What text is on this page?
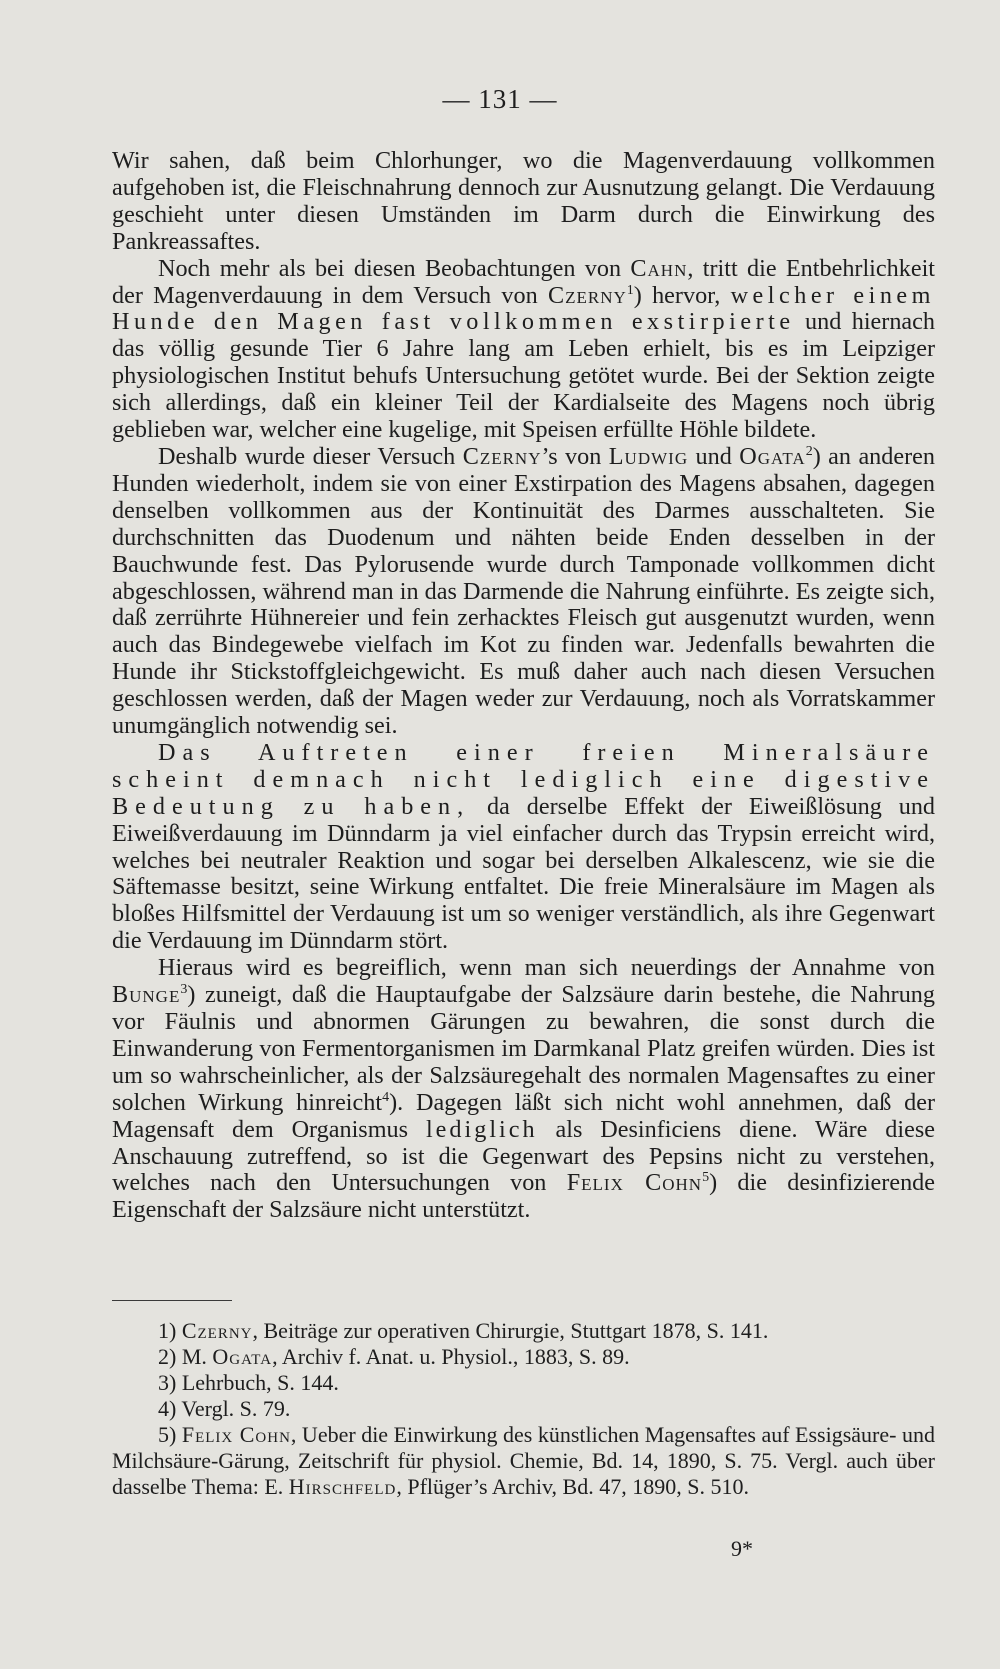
— 131 —

Wir sahen, daß beim Chlorhunger, wo die Magenverdauung vollkommen aufgehoben ist, die Fleischnahrung dennoch zur Ausnutzung gelangt. Die Verdauung geschieht unter diesen Umständen im Darm durch die Einwirkung des Pankreassaftes.

Noch mehr als bei diesen Beobachtungen von Cahn, tritt die Entbehrlichkeit der Magenverdauung in dem Versuch von Czerny$^1$) hervor, welcher einem Hunde den Magen fast vollkommen exstirpierte und hiernach das völlig gesunde Tier 6 Jahre lang am Leben erhielt, bis es im Leipziger physiologischen Institut behufs Untersuchung getötet wurde. Bei der Sektion zeigte sich allerdings, daß ein kleiner Teil der Kardialseite des Magens noch übrig geblieben war, welcher eine kugelige, mit Speisen erfüllte Höhle bildete.

Deshalb wurde dieser Versuch Czerny’s von Ludwig und Ogata$^2$) an anderen Hunden wiederholt, indem sie von einer Exstirpation des Magens absahen, dagegen denselben vollkommen aus der Kontinuität des Darmes ausschalteten. Sie durchschnitten das Duodenum und nähten beide Enden desselben in der Bauchwunde fest. Das Pylorusende wurde durch Tamponade vollkommen dicht abgeschlossen, während man in das Darmende die Nahrung einführte. Es zeigte sich, daß zerrührte Hühnereier und fein zerhacktes Fleisch gut ausgenutzt wurden, wenn auch das Bindegewebe vielfach im Kot zu finden war. Jedenfalls bewahrten die Hunde ihr Stickstoffgleichgewicht. Es muß daher auch nach diesen Versuchen geschlossen werden, daß der Magen weder zur Verdauung, noch als Vorratskammer unumgänglich notwendig sei.

Das Auftreten einer freien Mineralsäure scheint demnach nicht lediglich eine digestive Bedeutung zu haben, da derselbe Effekt der Eiweißlösung und Eiweißverdauung im Dünndarm ja viel einfacher durch das Trypsin erreicht wird, welches bei neutraler Reaktion und sogar bei derselben Alkalescenz, wie sie die Säftemasse besitzt, seine Wirkung entfaltet. Die freie Mineralsäure im Magen als bloßes Hilfsmittel der Verdauung ist um so weniger verständlich, als ihre Gegenwart die Verdauung im Dünndarm stört.

Hieraus wird es begreiflich, wenn man sich neuerdings der Annahme von Bunge$^3$) zuneigt, daß die Hauptaufgabe der Salzsäure darin bestehe, die Nahrung vor Fäulnis und abnormen Gärungen zu bewahren, die sonst durch die Einwanderung von Fermentorganismen im Darmkanal Platz greifen würden. Dies ist um so wahrscheinlicher, als der Salzsäuregehalt des normalen Magensaftes zu einer solchen Wirkung hinreicht$^4$). Dagegen läßt sich nicht wohl annehmen, daß der Magensaft dem Organismus lediglich als Desinficiens diene. Wäre diese Anschauung zutreffend, so ist die Gegenwart des Pepsins nicht zu verstehen, welches nach den Untersuchungen von Felix Cohn$^5$) die desinfizierende Eigenschaft der Salzsäure nicht unterstützt.

1) Czerny, Beiträge zur operativen Chirurgie, Stuttgart 1878, S. 141.

2) M. Ogata, Archiv f. Anat. u. Physiol., 1883, S. 89.

3) Lehrbuch, S. 144.

4) Vergl. S. 79.

5) Felix Cohn, Ueber die Einwirkung des künstlichen Magensaftes auf Essigsäure- und Milchsäure-Gärung, Zeitschrift für physiol. Chemie, Bd. 14, 1890, S. 75. Vergl. auch über dasselbe Thema: E. Hirschfeld, Pflüger’s Archiv, Bd. 47, 1890, S. 510.

9*
